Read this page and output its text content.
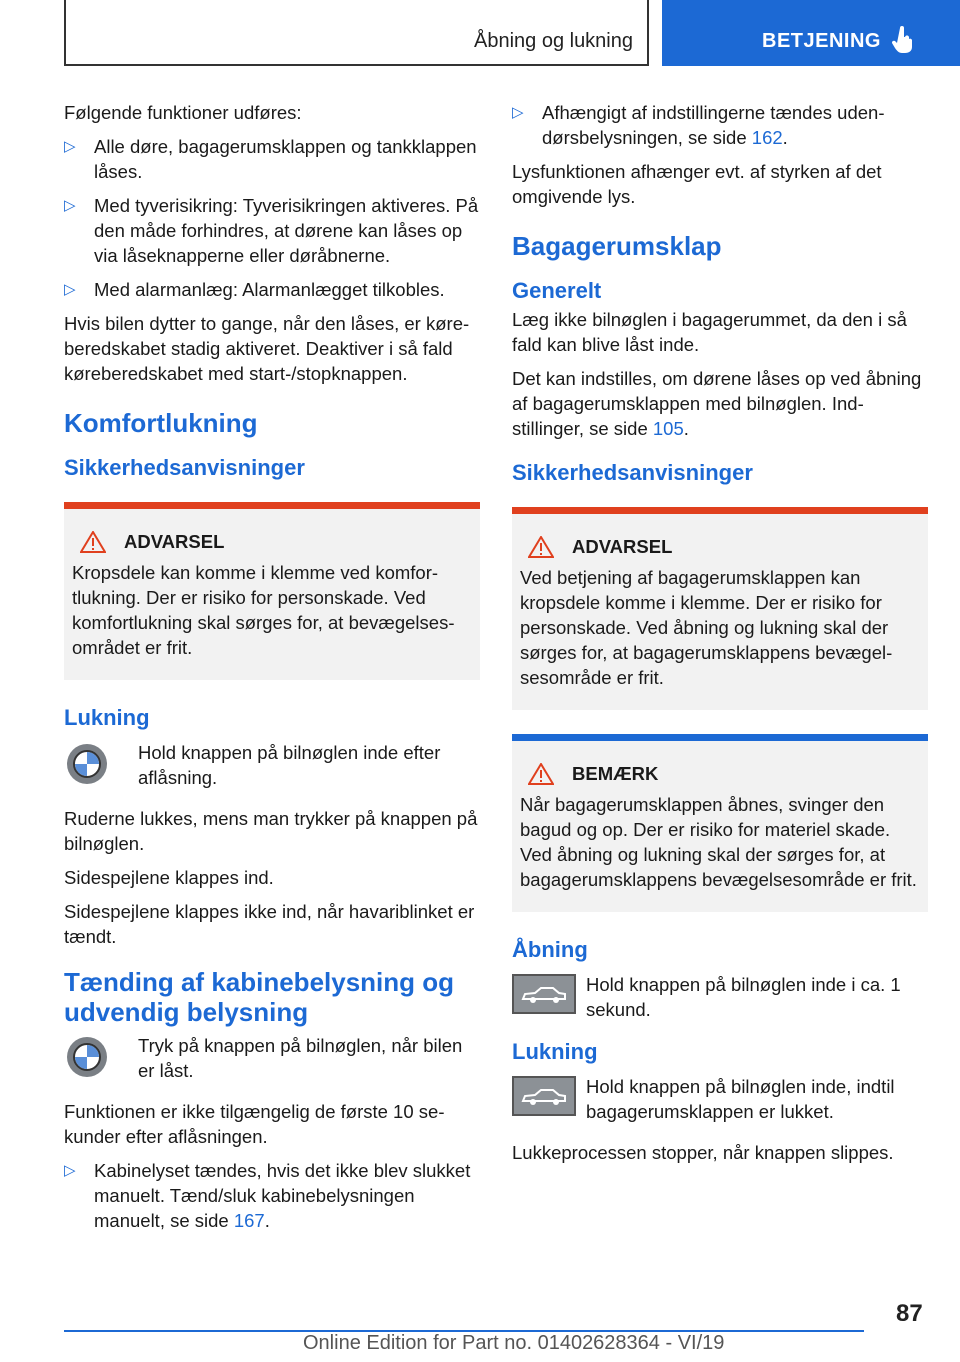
Åbning og lukning	BETJENING

Følgende funktioner udføres:

▷ Alle døre, bagagerumsklappen og tankklappen låses.
▷ Med tyverisikring: Tyverisikringen aktiveres. På den måde forhindres, at dørene kan låses op via låseknapperne eller døråbnerne.
▷ Med alarmanlæg: Alarmanlægget tilkobles.

Hvis bilen dytter to gange, når den låses, er køreberedskabet stadig aktiveret. Deaktiver i så fald køreberedskabet med start-/stopknappen.

Komfortlukning
Sikkerhedsanvisninger
ADVARSEL
Kropsdele kan komme i klemme ved komfortlukning. Der er risiko for personskade. Ved komfortlukning skal sørges for, at bevægelsesområdet er frit.
Lukning
Hold knappen på bilnøglen inde efter aflåsning.

Ruderne lukkes, mens man trykker på knappen på bilnøglen.

Sidespejlene klappes ind.

Sidespejlene klappes ikke ind, når havariblinket er tændt.

Tænding af kabinebelysning og udvendig belysning
Tryk på knappen på bilnøglen, når bilen er låst.

Funktionen er ikke tilgængelig de første 10 sekunder efter aflåsningen.

▷ Kabinelyset tændes, hvis det ikke blev slukket manuelt. Tænd/sluk kabinebelysningen manuelt, se side 167.
▷ Afhængigt af indstillingerne tændes udendørsbelysningen, se side 162.

Lysfunktionen afhænger evt. af styrken af det omgivende lys.

Bagagerumsklap
Generelt

Læg ikke bilnøglen i bagagerummet, da den i så fald kan blive låst inde.

Det kan indstilles, om dørene låses op ved åbning af bagagerumsklappen med bilnøglen. Indstillinger, se side 105.

Sikkerhedsanvisninger
ADVARSEL
Ved betjening af bagagerumsklappen kan kropsdele komme i klemme. Der er risiko for personskade. Ved åbning og lukning skal der sørges for, at bagagerumsklappens bevægelsesområde er frit.
BEMÆRK
Når bagagerumsklappen åbnes, svinger den bagud og op. Der er risiko for materiel skade. Ved åbning og lukning skal der sørges for, at bagagerumsklappens bevægelsesområde er frit.
Åbning
Hold knappen på bilnøglen inde i ca. 1 sekund.
Lukning
Hold knappen på bilnøglen inde, indtil bagagerumsklappen er lukket.

Lukkeprocessen stopper, når knappen slippes.

87
Online Edition for Part no. 01402628364 - VI/19
